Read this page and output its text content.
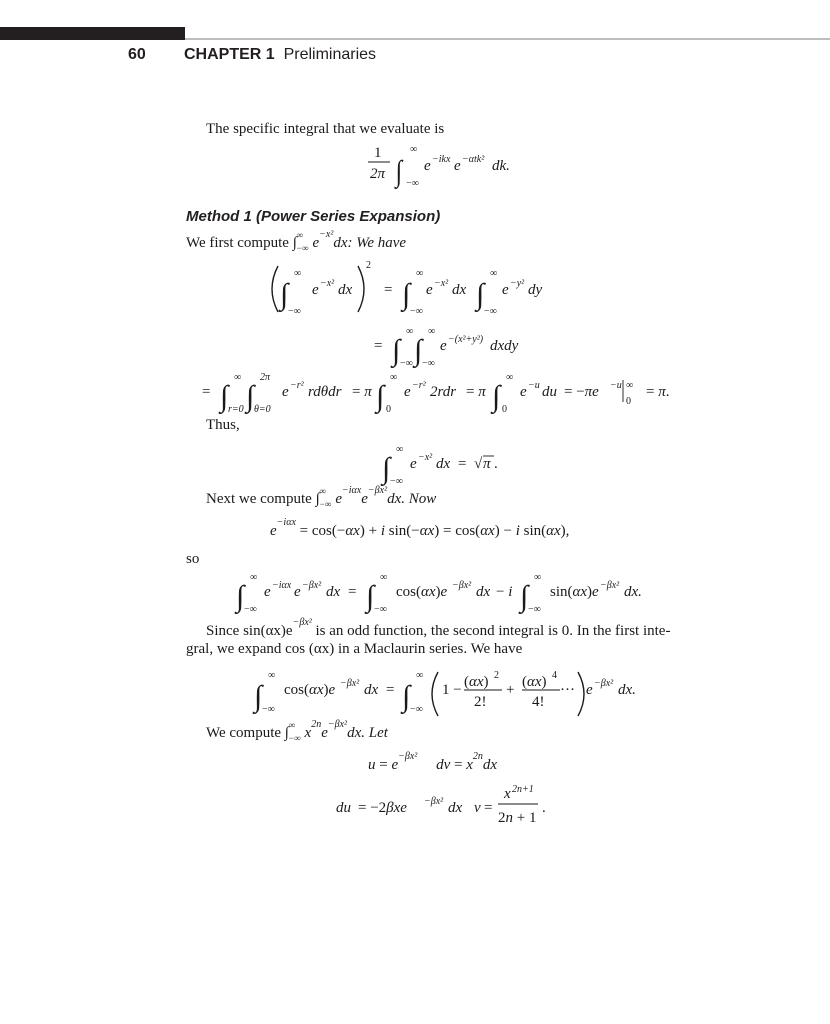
60 CHAPTER 1 Preliminaries
The specific integral that we evaluate is
1
2π ∫
∞
−∞
e −ikx e −αtk² dk.
Method 1 (Power Series Expansion)
We first compute $\int^\infty_{-\infty}$ $e^{-x^2}dx$: We have
∫
∞
−∞
e −x² dx
2
= ∫
∞
−∞
e −x² dx ∫
∞
−∞
e −y² dy
= ∫
∞
−∞ ∫
∞
−∞
e −(x²+y²) dxdy
= ∫
∞
r=0 ∫
2π
θ=0
e −r² rdθdr = π ∫
∞
0
e −r² 2rdr = π ∫
∞
0
e −u du = −πe −u ∞
0
= π.
Thus,
∫
∞
−∞
e −x² dx = √ π .
Next we compute $\int^\infty_{-\infty}$ $e^{-i\alpha x}e^{-\beta x^2}dx$. Now
$e^{-i\alpha x} = \cos(-\alpha x) + i$ sin(−αx) = cos(αx) − i sin(αx),
so
∫
∞
−∞
e −iαx e −βx² dx = ∫
∞
−∞
cos(αx)e −βx² dx − i ∫
∞
−∞
sin(αx)e −βx² dx.
Since $\sin(\alpha x)e^{-\beta x^2}$ is an odd function, the second integral is 0. In the first inte-
gral, we expand cos (αx) in a Maclaurin series. We have
∫
∞
−∞
cos(αx)e −βx² dx = ∫
∞
−∞
1 − (αx) 2
2!
+ (αx) 4
4!
··· e −βx² dx.
We compute $\int^\infty_{-\infty}$ $x^{2n}e^{-\beta x^2}dx$. Let
$u = e^{-\beta x^2}$     dv = $x^{2n}dx$
du = −2βxe −βx² dx v =
x 2n+1
2n + 1
.
